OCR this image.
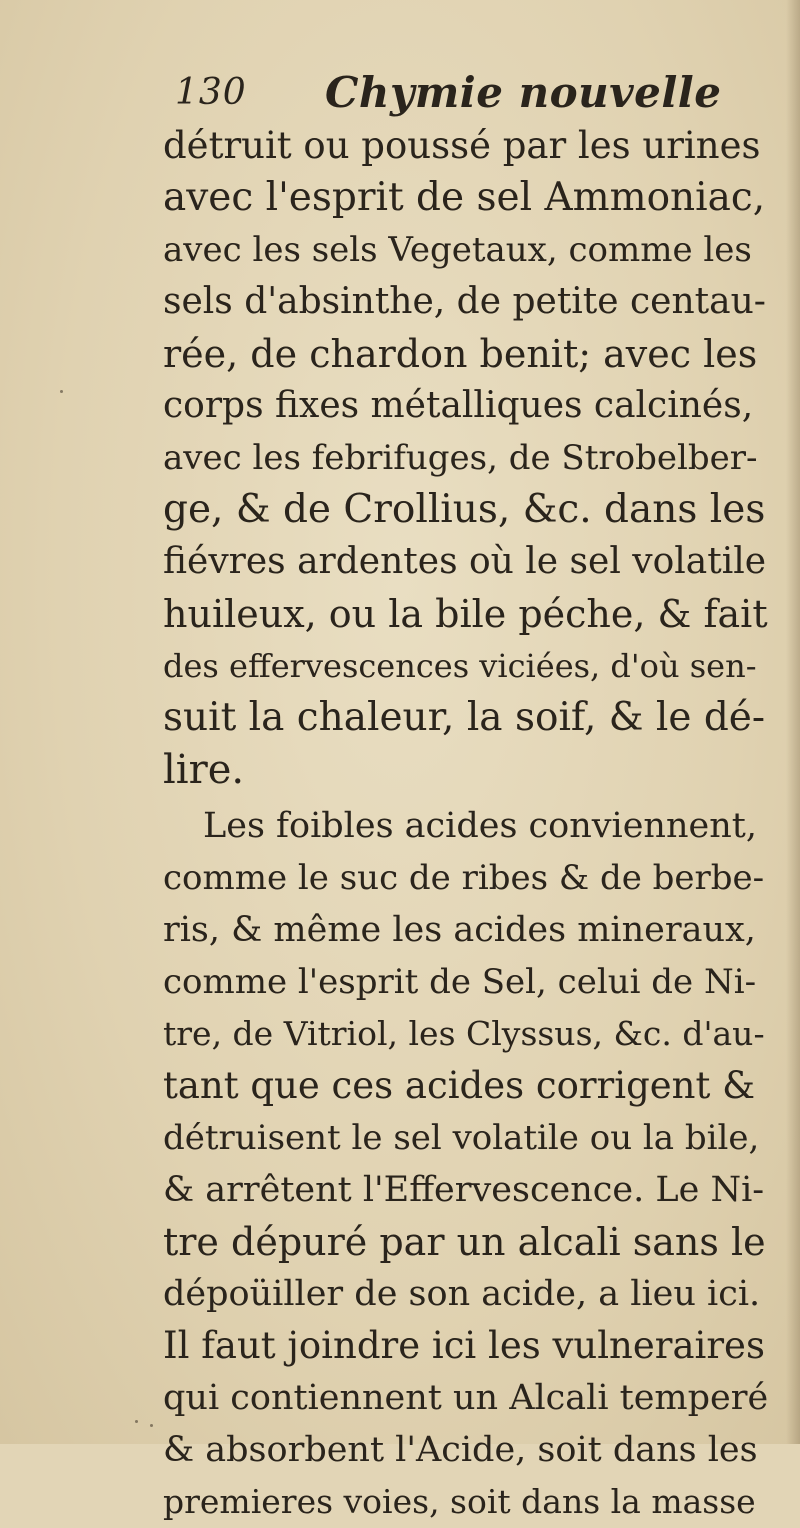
130 Chymie nouvelle
détruit ou poussé par les urines
avec l'esprit de sel Ammoniac,
avec les sels Vegetaux, comme les
sels d'absinthe, de petite centau-
rée, de chardon benit; avec les
corps fixes métalliques calcinés,
avec les febrifuges, de Strobelber-
ge, & de Crollius, &c. dans les
fiévres ardentes où le sel volatile
huileux, ou la bile péche, & fait
des effervescences viciées, d'où sen-
suit la chaleur, la soif, & le dé-
lire.
Les foibles acides conviennent,
comme le suc de ribes & de berbe-
ris, & même les acides mineraux,
comme l'esprit de Sel, celui de Ni-
tre, de Vitriol, les Clyssus, &c. d'au-
tant que ces acides corrigent &
détruisent le sel volatile ou la bile,
& arrêtent l'Effervescence. Le Ni-
tre dépuré par un alcali sans le
dépoüiller de son acide, a lieu ici.
Il faut joindre ici les vulneraires
qui contiennent un Alcali temperé
& absorbent l'Acide, soit dans les
premieres voies, soit dans la masse
